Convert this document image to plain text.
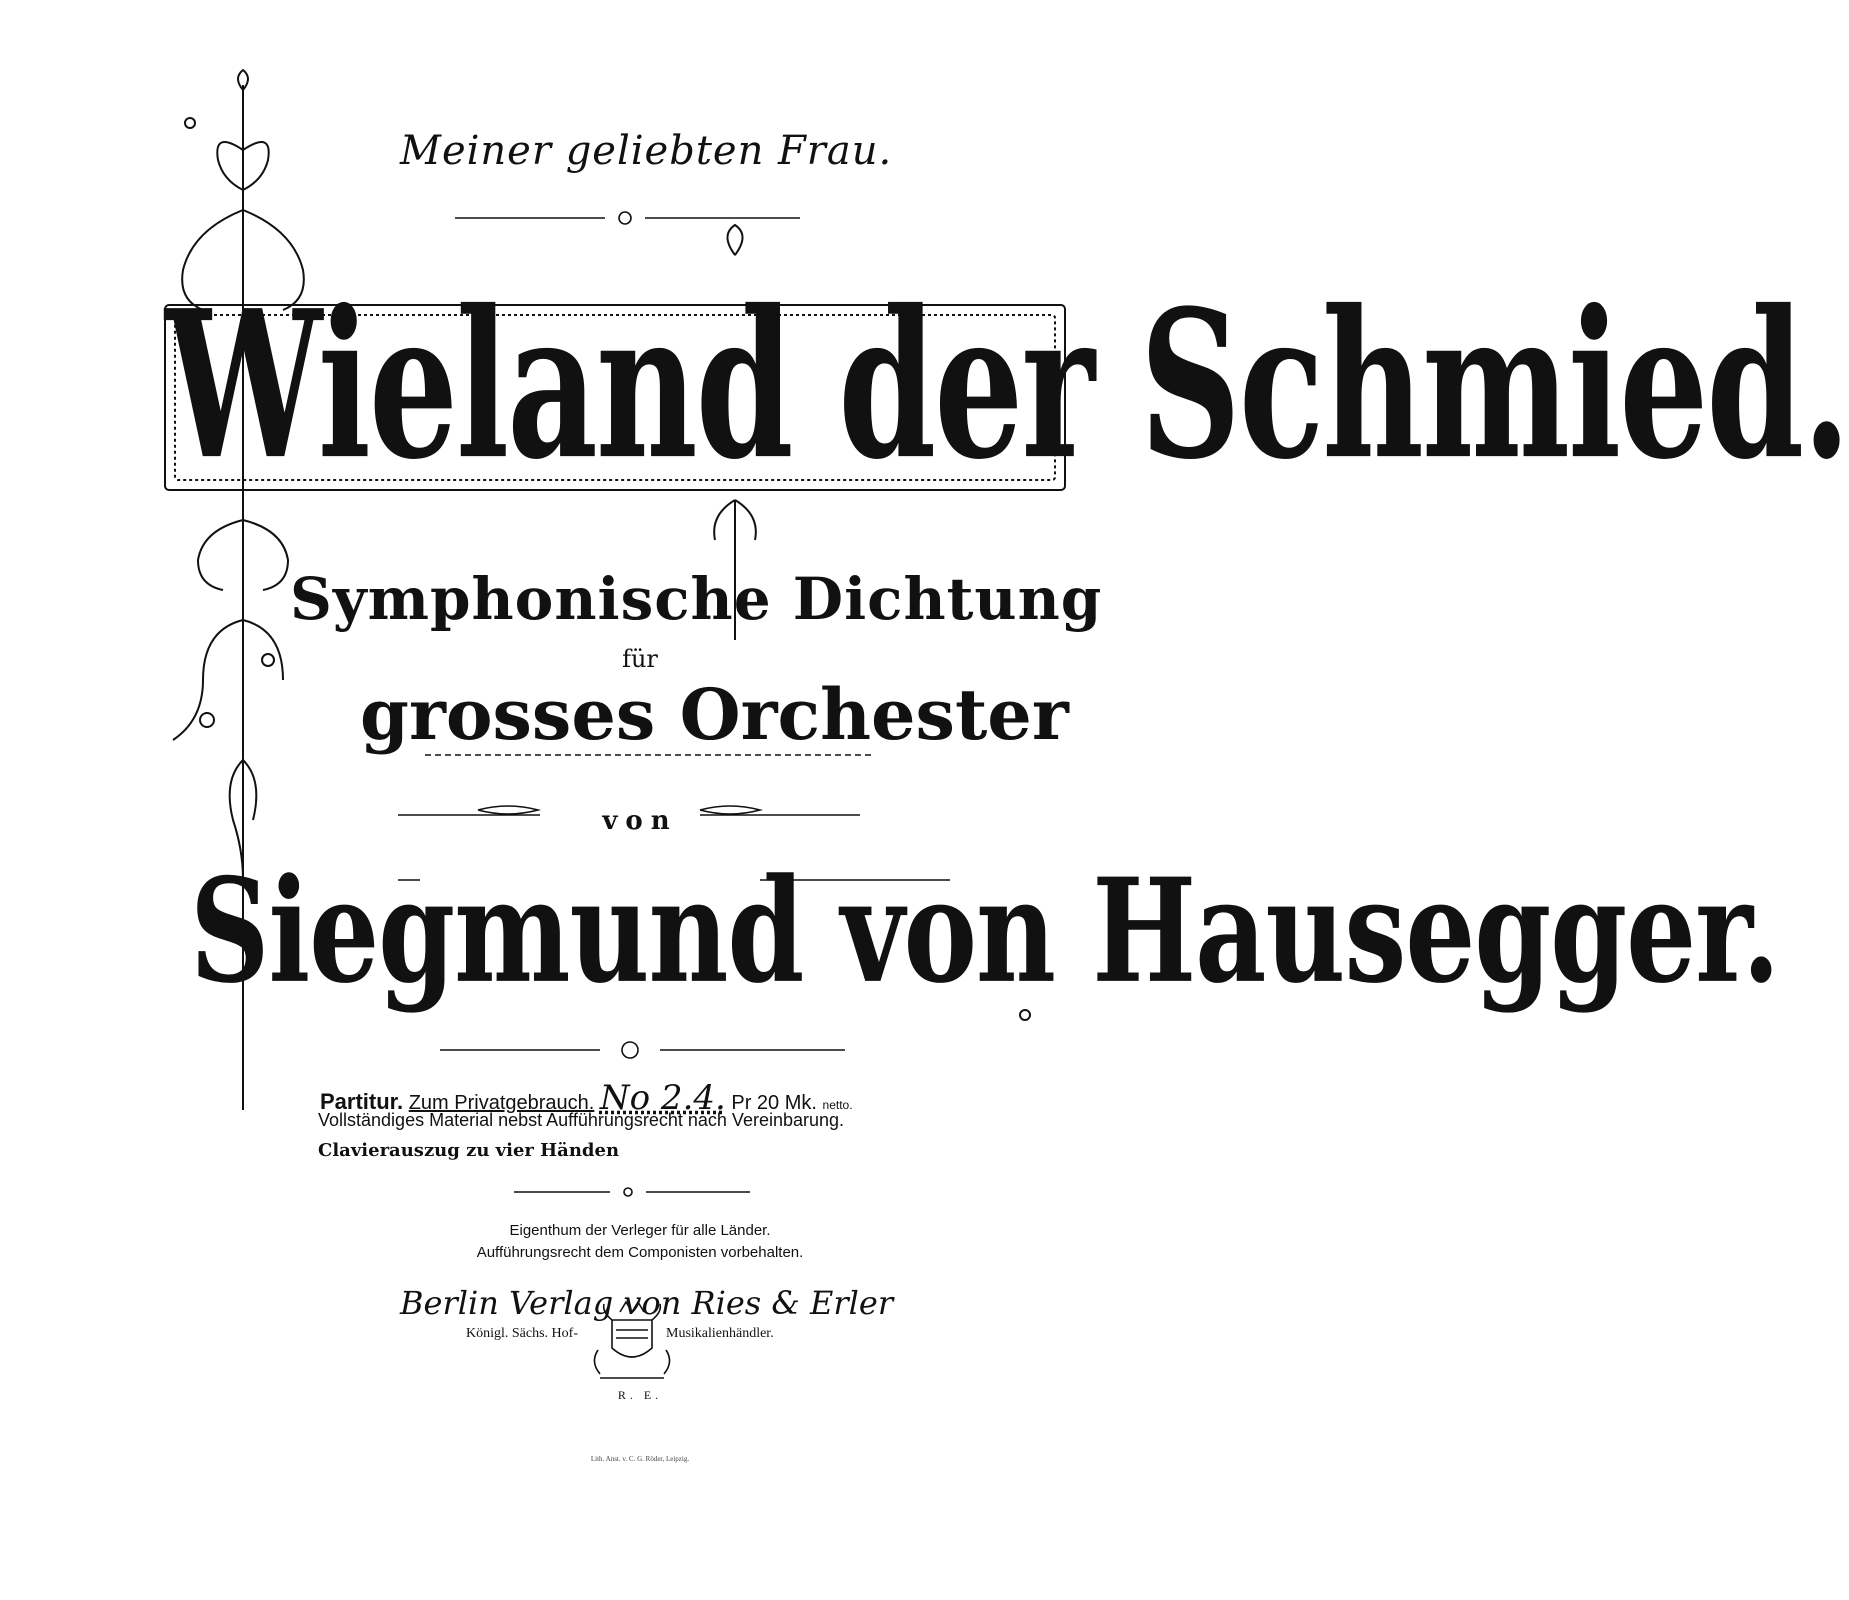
Meiner geliebten Frau.
Wieland der Schmied.
Symphonische Dichtung
für
grosses Orchester
von
Siegmund von Hausegger.
Partitur. Zum Privatgebrauch. No 2.4. Pr 20 Mk. netto.
Vollständiges Material nebst Aufführungsrecht nach Vereinbarung.
Clavierauszug zu vier Händen
Eigenthum der Verleger für alle Länder.
Aufführungsrecht dem Componisten vorbehalten.
Berlin Verlag von Ries & Erler
Königl. Sächs. Hof-	Musikalienhändler.
R. E.
Lith. Anst. v. C. G. Röder, Leipzig.
